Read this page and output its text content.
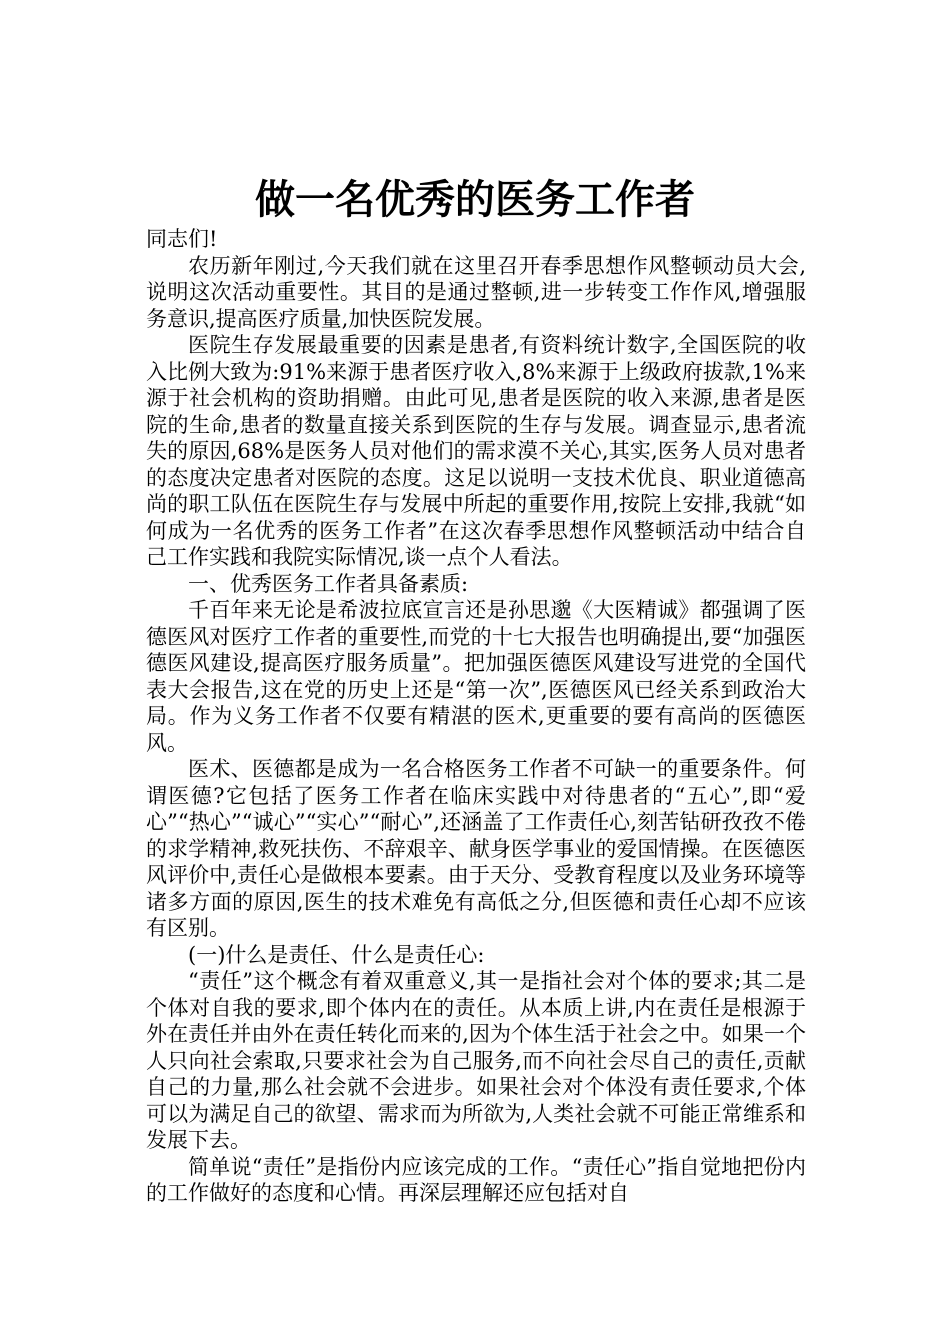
做一名优秀的医务工作者

同志们!

农历新年刚过,今天我们就在这里召开春季思想作风整顿动员大会,说明这次活动重要性。其目的是通过整顿,进一步转变工作作风,增强服务意识,提高医疗质量,加快医院发展。

医院生存发展最重要的因素是患者,有资料统计数字,全国医院的收入比例大致为:91%来源于患者医疗收入,8%来源于上级政府拔款,1%来源于社会机构的资助捐赠。由此可见,患者是医院的收入来源,患者是医院的生命,患者的数量直接关系到医院的生存与发展。调查显示,患者流失的原因,68%是医务人员对他们的需求漠不关心,其实,医务人员对患者的态度决定患者对医院的态度。这足以说明一支技术优良、职业道德高尚的职工队伍在医院生存与发展中所起的重要作用,按院上安排,我就“如何成为一名优秀的医务工作者”在这次春季思想作风整顿活动中结合自己工作实践和我院实际情况,谈一点个人看法。

一、优秀医务工作者具备素质:

千百年来无论是希波拉底宣言还是孙思邈《大医精诚》都强调了医德医风对医疗工作者的重要性,而党的十七大报告也明确提出,要“加强医德医风建设,提高医疗服务质量”。把加强医德医风建设写进党的全国代表大会报告,这在党的历史上还是“第一次”,医德医风已经关系到政治大局。作为义务工作者不仅要有精湛的医术,更重要的要有高尚的医德医风。

医术、医德都是成为一名合格医务工作者不可缺一的重要条件。何谓医德?它包括了医务工作者在临床实践中对待患者的“五心”,即“爱心”“热心”“诚心”“实心”“耐心”,还涵盖了工作责任心,刻苦钻研孜孜不倦的求学精神,救死扶伤、不辞艰辛、献身医学事业的爱国情操。在医德医风评价中,责任心是做根本要素。由于天分、受教育程度以及业务环境等诸多方面的原因,医生的技术难免有高低之分,但医德和责任心却不应该有区别。

(一)什么是责任、什么是责任心:

“责任”这个概念有着双重意义,其一是指社会对个体的要求;其二是个体对自我的要求,即个体内在的责任。从本质上讲,内在责任是根源于外在责任并由外在责任转化而来的,因为个体生活于社会之中。如果一个人只向社会索取,只要求社会为自己服务,而不向社会尽自己的责任,贡献自己的力量,那么社会就不会进步。如果社会对个体没有责任要求,个体可以为满足自己的欲望、需求而为所欲为,人类社会就不可能正常维系和发展下去。

简单说“责任”是指份内应该完成的工作。“责任心”指自觉地把份内的工作做好的态度和心情。再深层理解还应包括对自
